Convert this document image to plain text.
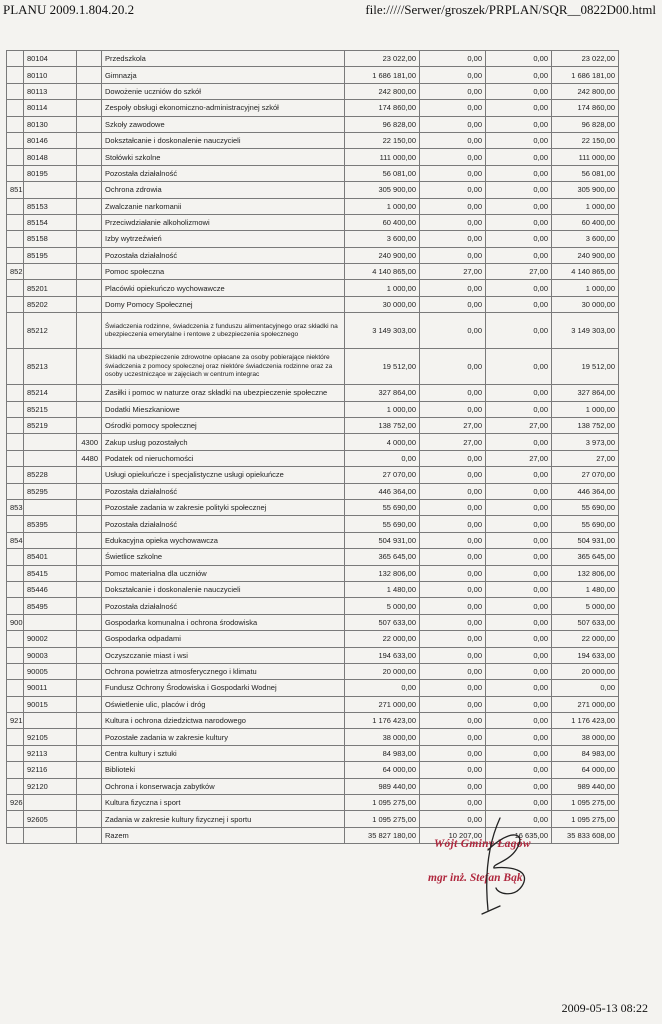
PLANU 2009.1.804.20.2	file://///Serwer/groszek/PRPLAN/SQR__0822D00.html
	80104		Przedszkola	23 022,00	0,00	0,00	23 022,00
	80110		Gimnazja	1 686 181,00	0,00	0,00	1 686 181,00
	80113		Dowożenie uczniów do szkół	242 800,00	0,00	0,00	242 800,00
	80114		Zespoły obsługi ekonomiczno-administracyjnej szkół	174 860,00	0,00	0,00	174 860,00
	80130		Szkoły zawodowe	96 828,00	0,00	0,00	96 828,00
	80146		Dokształcanie i doskonalenie nauczycieli	22 150,00	0,00	0,00	22 150,00
	80148		Stołówki szkolne	111 000,00	0,00	0,00	111 000,00
	80195		Pozostała działalność	56 081,00	0,00	0,00	56 081,00
851			Ochrona zdrowia	305 900,00	0,00	0,00	305 900,00
	85153		Zwalczanie narkomanii	1 000,00	0,00	0,00	1 000,00
	85154		Przeciwdziałanie alkoholizmowi	60 400,00	0,00	0,00	60 400,00
	85158		Izby wytrzeźwień	3 600,00	0,00	0,00	3 600,00
	85195		Pozostała działalność	240 900,00	0,00	0,00	240 900,00
852			Pomoc społeczna	4 140 865,00	27,00	27,00	4 140 865,00
	85201		Placówki opiekuńczo wychowawcze	1 000,00	0,00	0,00	1 000,00
	85202		Domy Pomocy Społecznej	30 000,00	0,00	0,00	30 000,00
	85212		Świadczenia rodzinne, świadczenia z funduszu alimentacyjnego oraz składki na ubezpieczenia emerytalne i rentowe z ubezpieczenia społecznego	3 149 303,00	0,00	0,00	3 149 303,00
	85213		Składki na ubezpieczenie zdrowotne opłacane za osoby pobierające niektóre świadczenia z pomocy społecznej oraz niektóre świadczenia rodzinne oraz za osoby uczestniczące w zajęciach w centrum integrac	19 512,00	0,00	0,00	19 512,00
	85214		Zasiłki i pomoc w naturze oraz składki na ubezpieczenie społeczne	327 864,00	0,00	0,00	327 864,00
	85215		Dodatki Mieszkaniowe	1 000,00	0,00	0,00	1 000,00
	85219		Ośrodki pomocy społecznej	138 752,00	27,00	27,00	138 752,00
		4300	Zakup usług pozostałych	4 000,00	27,00	0,00	3 973,00
		4480	Podatek od nieruchomości	0,00	0,00	27,00	27,00
	85228		Usługi opiekuńcze i specjalistyczne usługi opiekuńcze	27 070,00	0,00	0,00	27 070,00
	85295		Pozostała działalność	446 364,00	0,00	0,00	446 364,00
853			Pozostałe zadania w zakresie polityki społecznej	55 690,00	0,00	0,00	55 690,00
	85395		Pozostała działalność	55 690,00	0,00	0,00	55 690,00
854			Edukacyjna opieka wychowawcza	504 931,00	0,00	0,00	504 931,00
	85401		Świetlice szkolne	365 645,00	0,00	0,00	365 645,00
	85415		Pomoc materialna dla uczniów	132 806,00	0,00	0,00	132 806,00
	85446		Dokształcanie i doskonalenie nauczycieli	1 480,00	0,00	0,00	1 480,00
	85495		Pozostała działalność	5 000,00	0,00	0,00	5 000,00
900			Gospodarka komunalna i ochrona środowiska	507 633,00	0,00	0,00	507 633,00
	90002		Gospodarka odpadami	22 000,00	0,00	0,00	22 000,00
	90003		Oczyszczanie miast i wsi	194 633,00	0,00	0,00	194 633,00
	90005		Ochrona powietrza atmosferycznego i klimatu	20 000,00	0,00	0,00	20 000,00
	90011		Fundusz Ochrony Środowiska i Gospodarki Wodnej	0,00	0,00	0,00	0,00
	90015		Oświetlenie ulic, placów i dróg	271 000,00	0,00	0,00	271 000,00
921			Kultura i ochrona dziedzictwa narodowego	1 176 423,00	0,00	0,00	1 176 423,00
	92105		Pozostałe zadania w zakresie kultury	38 000,00	0,00	0,00	38 000,00
	92113		Centra kultury i sztuki	84 983,00	0,00	0,00	84 983,00
	92116		Biblioteki	64 000,00	0,00	0,00	64 000,00
	92120		Ochrona i konserwacja zabytków	989 440,00	0,00	0,00	989 440,00
926			Kultura fizyczna i sport	1 095 275,00	0,00	0,00	1 095 275,00
	92605		Zadania w zakresie kultury fizycznej i sportu	1 095 275,00	0,00	0,00	1 095 275,00
			Razem	35 827 180,00	10 207,00	16 635,00	35 833 608,00
Wójt Gminy Łagów
mgr inż. Stefan Bąk
2009-05-13 08:22
